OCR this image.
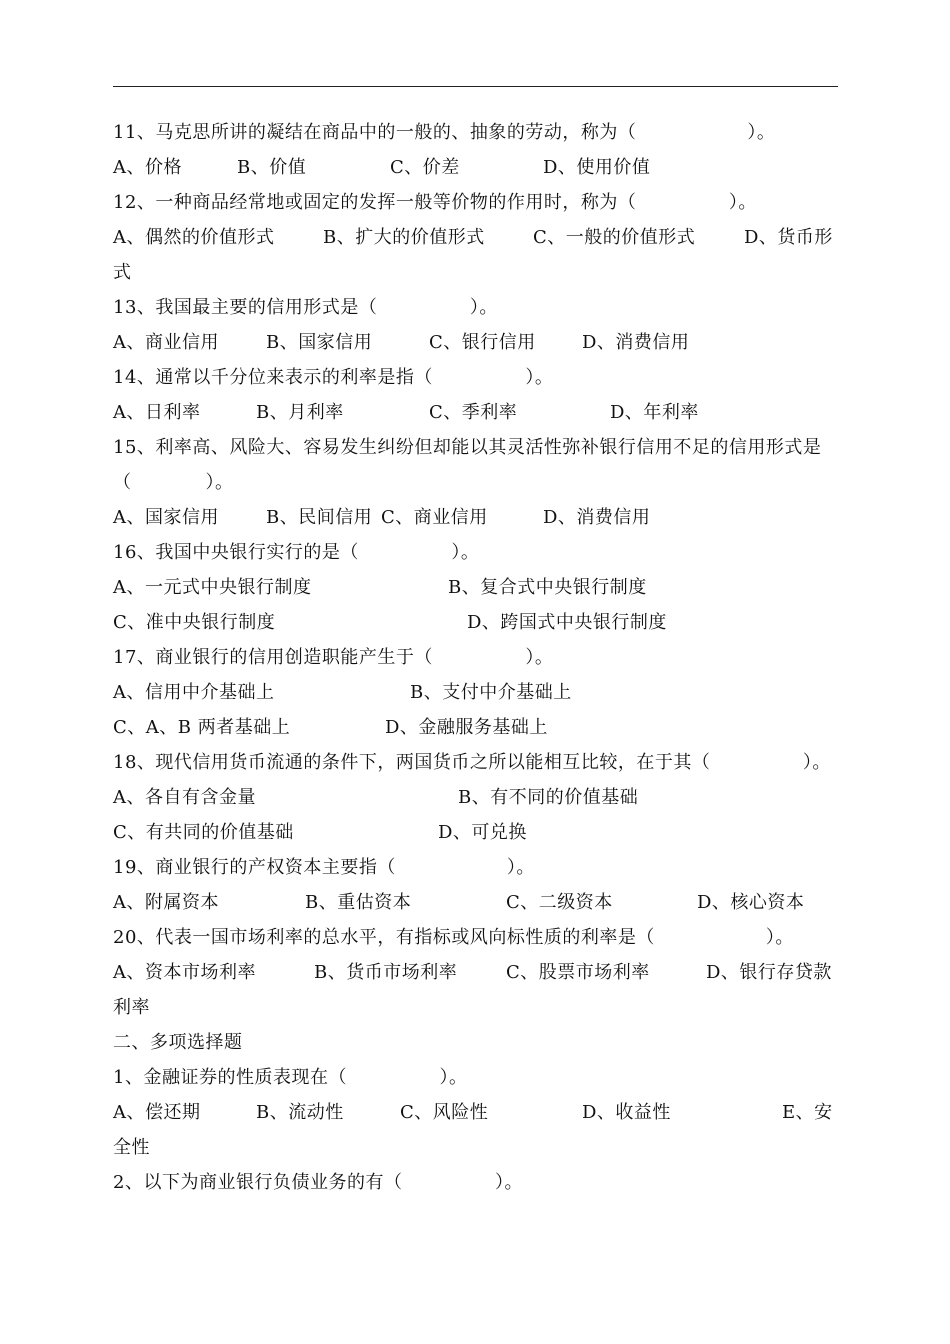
11、马克思所讲的凝结在商品中的一般的、抽象的劳动，称为（　　　　　　）。
A、价格	B、价值	C、价差	D、使用价值
12、一种商品经常地或固定的发挥一般等价物的作用时，称为（　　　　　）。
A、偶然的价值形式	B、扩大的价值形式	C、一般的价值形式	D、货币形
式
13、我国最主要的信用形式是（　　　　　）。
A、商业信用	B、国家信用	C、银行信用	D、消费信用
14、通常以千分位来表示的利率是指（　　　　　）。
A、日利率	B、月利率	C、季利率	D、年利率
15、利率高、风险大、容易发生纠纷但却能以其灵活性弥补银行信用不足的信用形式是
（　　　　）。
A、国家信用	B、民间信用 C、商业信用	D、消费信用
16、我国中央银行实行的是（　　　　　）。
A、一元式中央银行制度	B、复合式中央银行制度
C、准中央银行制度	D、跨国式中央银行制度
17、商业银行的信用创造职能产生于（　　　　　）。
A、信用中介基础上	B、支付中介基础上
C、A、B 两者基础上	D、金融服务基础上
18、现代信用货币流通的条件下，两国货币之所以能相互比较，在于其（　　　　　）。
A、各自有含金量	B、有不同的价值基础
C、有共同的价值基础	D、可兑换
19、商业银行的产权资本主要指（　　　　　　）。
A、附属资本	B、重估资本	C、二级资本	D、核心资本
20、代表一国市场利率的总水平，有指标或风向标性质的利率是（　　　　　　）。
A、资本市场利率	B、货币市场利率	C、股票市场利率	D、银行存贷款
利率
二、多项选择题
1、金融证券的性质表现在（　　　　　）。
A、偿还期	B、流动性	C、风险性	D、收益性	E、安
全性
2、以下为商业银行负债业务的有（　　　　　）。
